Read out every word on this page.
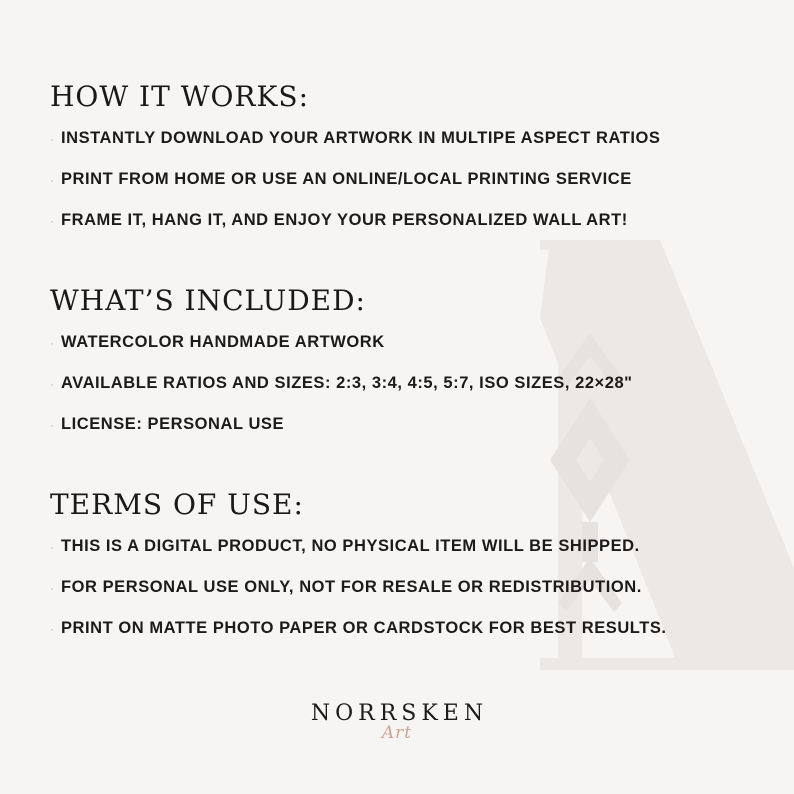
HOW IT WORKS:
· INSTANTLY DOWNLOAD YOUR ARTWORK IN MULTIPE ASPECT RATIOS
· PRINT FROM HOME OR USE AN ONLINE/LOCAL PRINTING SERVICE
· FRAME IT, HANG IT, AND ENJOY YOUR PERSONALIZED WALL ART!
WHAT’S INCLUDED:
· WATERCOLOR HANDMADE ARTWORK
· AVAILABLE RATIOS AND SIZES: 2:3, 3:4, 4:5, 5:7, ISO SIZES, 22×28"
· LICENSE: PERSONAL USE
TERMS OF USE:
· THIS IS A DIGITAL PRODUCT, NO PHYSICAL ITEM WILL BE SHIPPED.
· FOR PERSONAL USE ONLY, NOT FOR RESALE OR REDISTRIBUTION.
· PRINT ON MATTE PHOTO PAPER OR CARDSTOCK FOR BEST RESULTS.
NORRSKEN
Art
